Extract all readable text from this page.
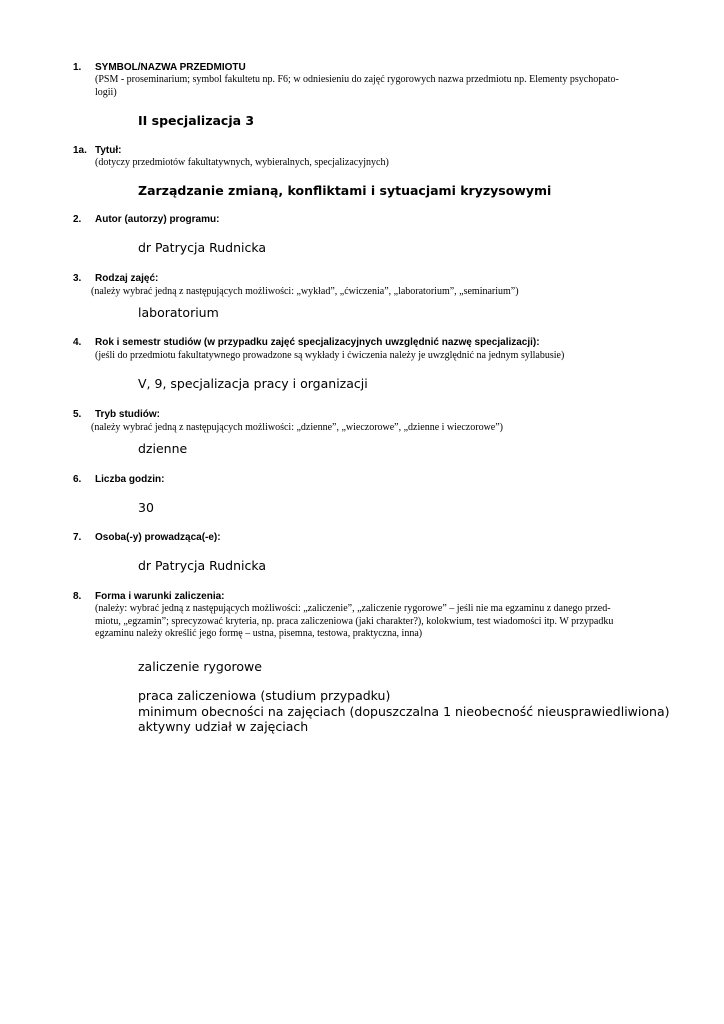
1. SYMBOL/NAZWA PRZEDMIOTU
(PSM - proseminarium; symbol fakultetu np. F6; w odniesieniu do zajęć rygorowych nazwa przedmiotu np. Elementy psychopato-
logii)
II specjalizacja 3
1a. Tytuł:
(dotyczy przedmiotów fakultatywnych, wybieralnych, specjalizacyjnych)
Zarządzanie zmianą, konfliktami i sytuacjami kryzysowymi
2. Autor (autorzy) programu:
dr Patrycja Rudnicka
3. Rodzaj zajęć:
(należy wybrać jedną z następujących możliwości: „wykład”, „ćwiczenia”, „laboratorium”, „seminarium”)
laboratorium
4. Rok i semestr studiów (w przypadku zajęć specjalizacyjnych uwzględnić nazwę specjalizacji):
(jeśli do przedmiotu fakultatywnego prowadzone są wykłady i ćwiczenia należy je uwzględnić na jednym syllabusie)
V, 9, specjalizacja pracy i organizacji
5. Tryb studiów:
(należy wybrać jedną z następujących możliwości: „dzienne”, „wieczorowe”, „dzienne i wieczorowe”)
dzienne
6. Liczba godzin:
30
7. Osoba(-y) prowadząca(-e):
dr Patrycja Rudnicka
8. Forma i warunki zaliczenia:
(należy: wybrać jedną z następujących możliwości: „zaliczenie”, „zaliczenie rygorowe” – jeśli nie ma egzaminu z danego przed-
miotu, „egzamin”; sprecyzować kryteria, np. praca zaliczeniowa (jaki charakter?), kolokwium, test wiadomości itp. W przypadku
egzaminu należy określić jego formę – ustna, pisemna, testowa, praktyczna, inna)
zaliczenie rygorowe
praca zaliczeniowa (studium przypadku)
minimum obecności na zajęciach (dopuszczalna 1 nieobecność nieusprawiedliwiona)
aktywny udział w zajęciach
